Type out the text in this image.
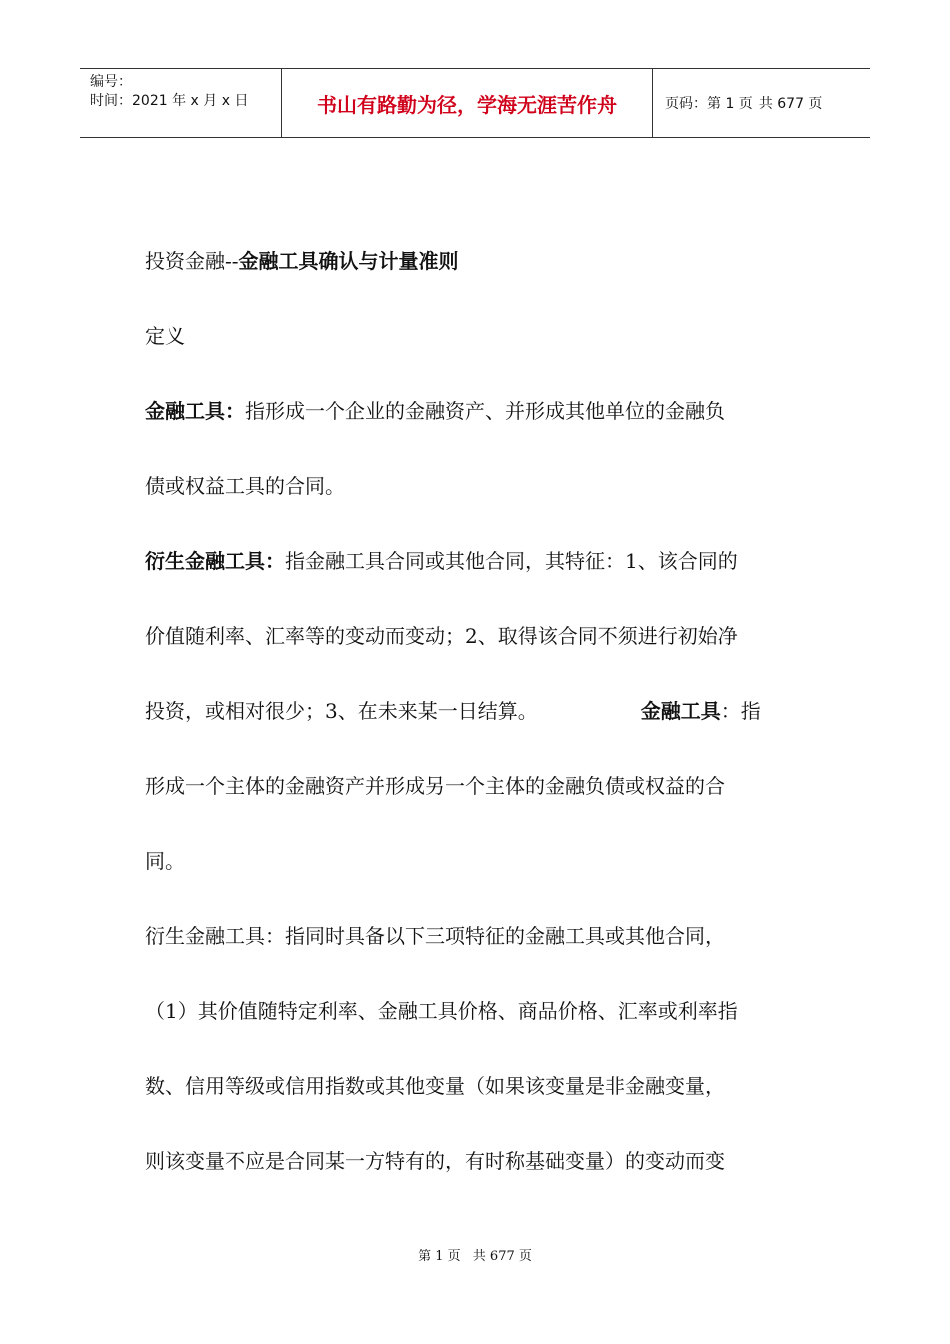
编号：
时间：2021 年 x 月 x 日	书山有路勤为径，学海无涯苦作舟	页码：第 1 页 共 677 页
投资金融--金融工具确认与计量准则
定义
金融工具：指形成一个企业的金融资产、并形成其他单位的金融负
债或权益工具的合同。
衍生金融工具：指金融工具合同或其他合同，其特征：1、该合同的
价值随利率、汇率等的变动而变动；2、取得该合同不须进行初始净
投资，或相对很少；3、在未来某一日结算。	金融工具：指
形成一个主体的金融资产并形成另一个主体的金融负债或权益的合
同。
衍生金融工具：指同时具备以下三项特征的金融工具或其他合同，
（1）其价值随特定利率、金融工具价格、商品价格、汇率或利率指
数、信用等级或信用指数或其他变量（如果该变量是非金融变量，
则该变量不应是合同某一方特有的，有时称基础变量）的变动而变
第 1 页 共 677 页
